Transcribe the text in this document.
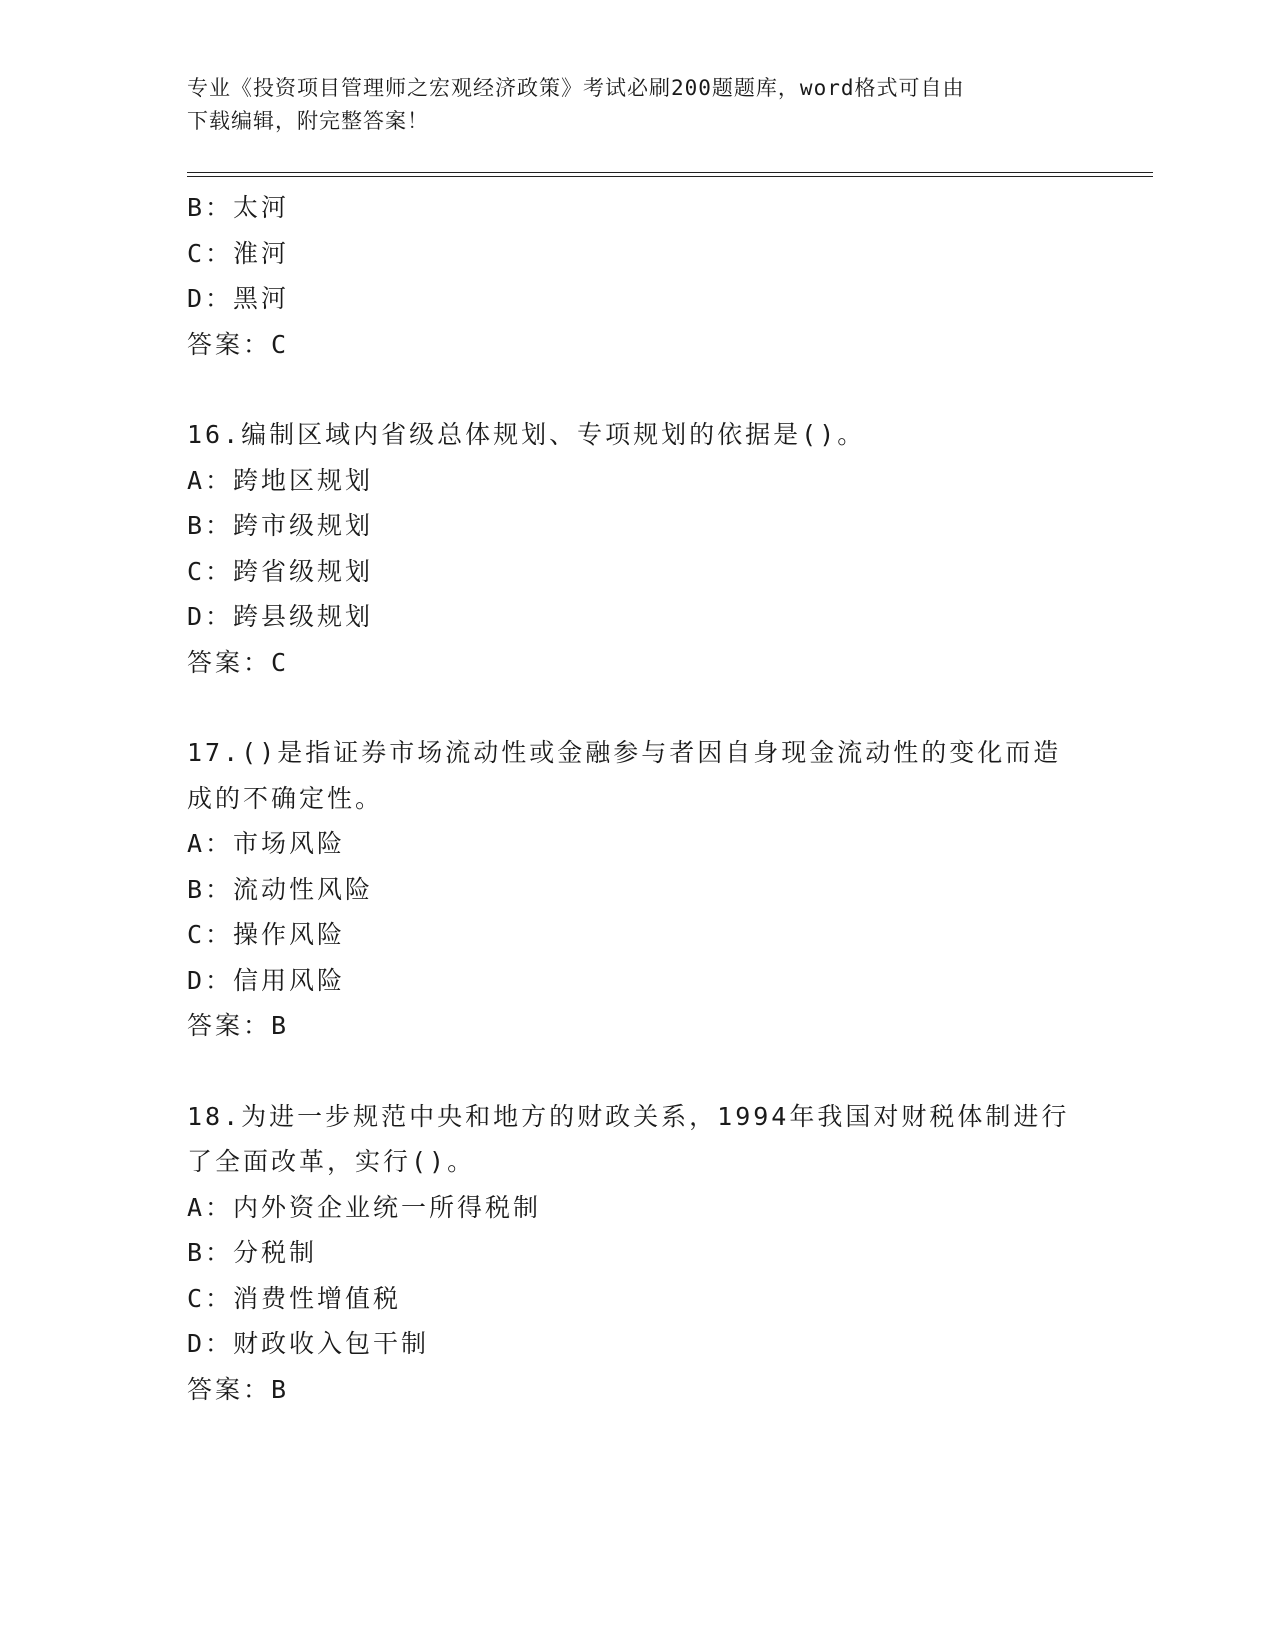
专业《投资项目管理师之宏观经济政策》考试必刷200题题库，word格式可自由
下载编辑，附完整答案！
B：太河
C：淮河
D：黑河
答案：C
16.编制区域内省级总体规划、专项规划的依据是()。
A：跨地区规划
B：跨市级规划
C：跨省级规划
D：跨县级规划
答案：C
17.()是指证券市场流动性或金融参与者因自身现金流动性的变化而造
成的不确定性。
A：市场风险
B：流动性风险
C：操作风险
D：信用风险
答案：B
18.为进一步规范中央和地方的财政关系，1994年我国对财税体制进行
了全面改革，实行()。
A：内外资企业统一所得税制
B：分税制
C：消费性增值税
D：财政收入包干制
答案：B
